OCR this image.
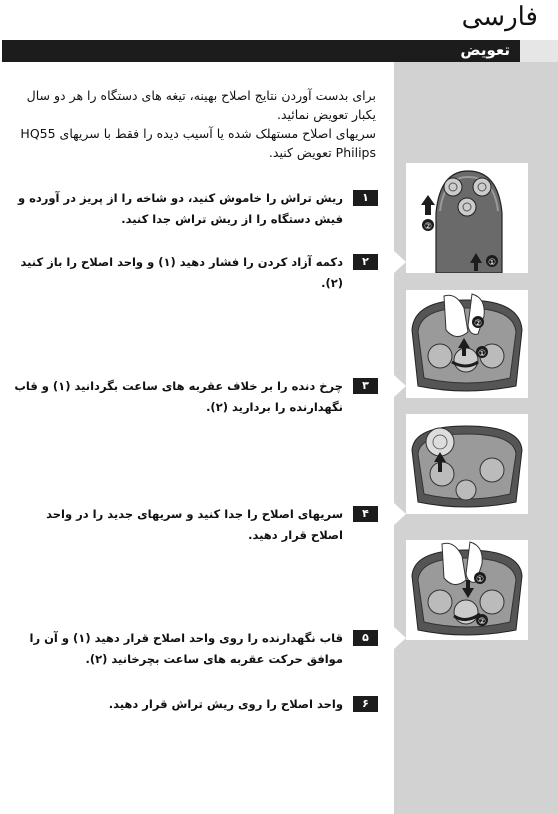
فارسی
تعویض

برای بدست آوردن نتایج اصلاح بهینه، تیغه های دستگاه را هر دو سال یکبار تعویض نمائید.

سریهای اصلاح مستهلک شده یا آسیب دیده را فقط با سریهای HQ55 Philips تعویض کنید.

۱
ریش تراش را خاموش کنید، دو شاخه را از پریز در آورده و فیش دستگاه را از ریش تراش جدا کنید.
۲
دکمه آزاد کردن را فشار دهید (۱) و واحد اصلاح را باز کنید (۲).
۳
چرخ دنده را بر خلاف عقربه های ساعت بگردانید (۱) و قاب نگهدارنده را بردارید (۲).
۴
سریهای اصلاح را جدا کنید و سریهای جدید را در واحد اصلاح قرار دهید.
۵
قاب نگهدارنده را روی واحد اصلاح قرار دهید (۱) و آن را موافق حرکت عقربه های ساعت بچرخانید (۲).
۶
واحد اصلاح را روی ریش تراش قرار دهید.
②
①
②
①
①
②
